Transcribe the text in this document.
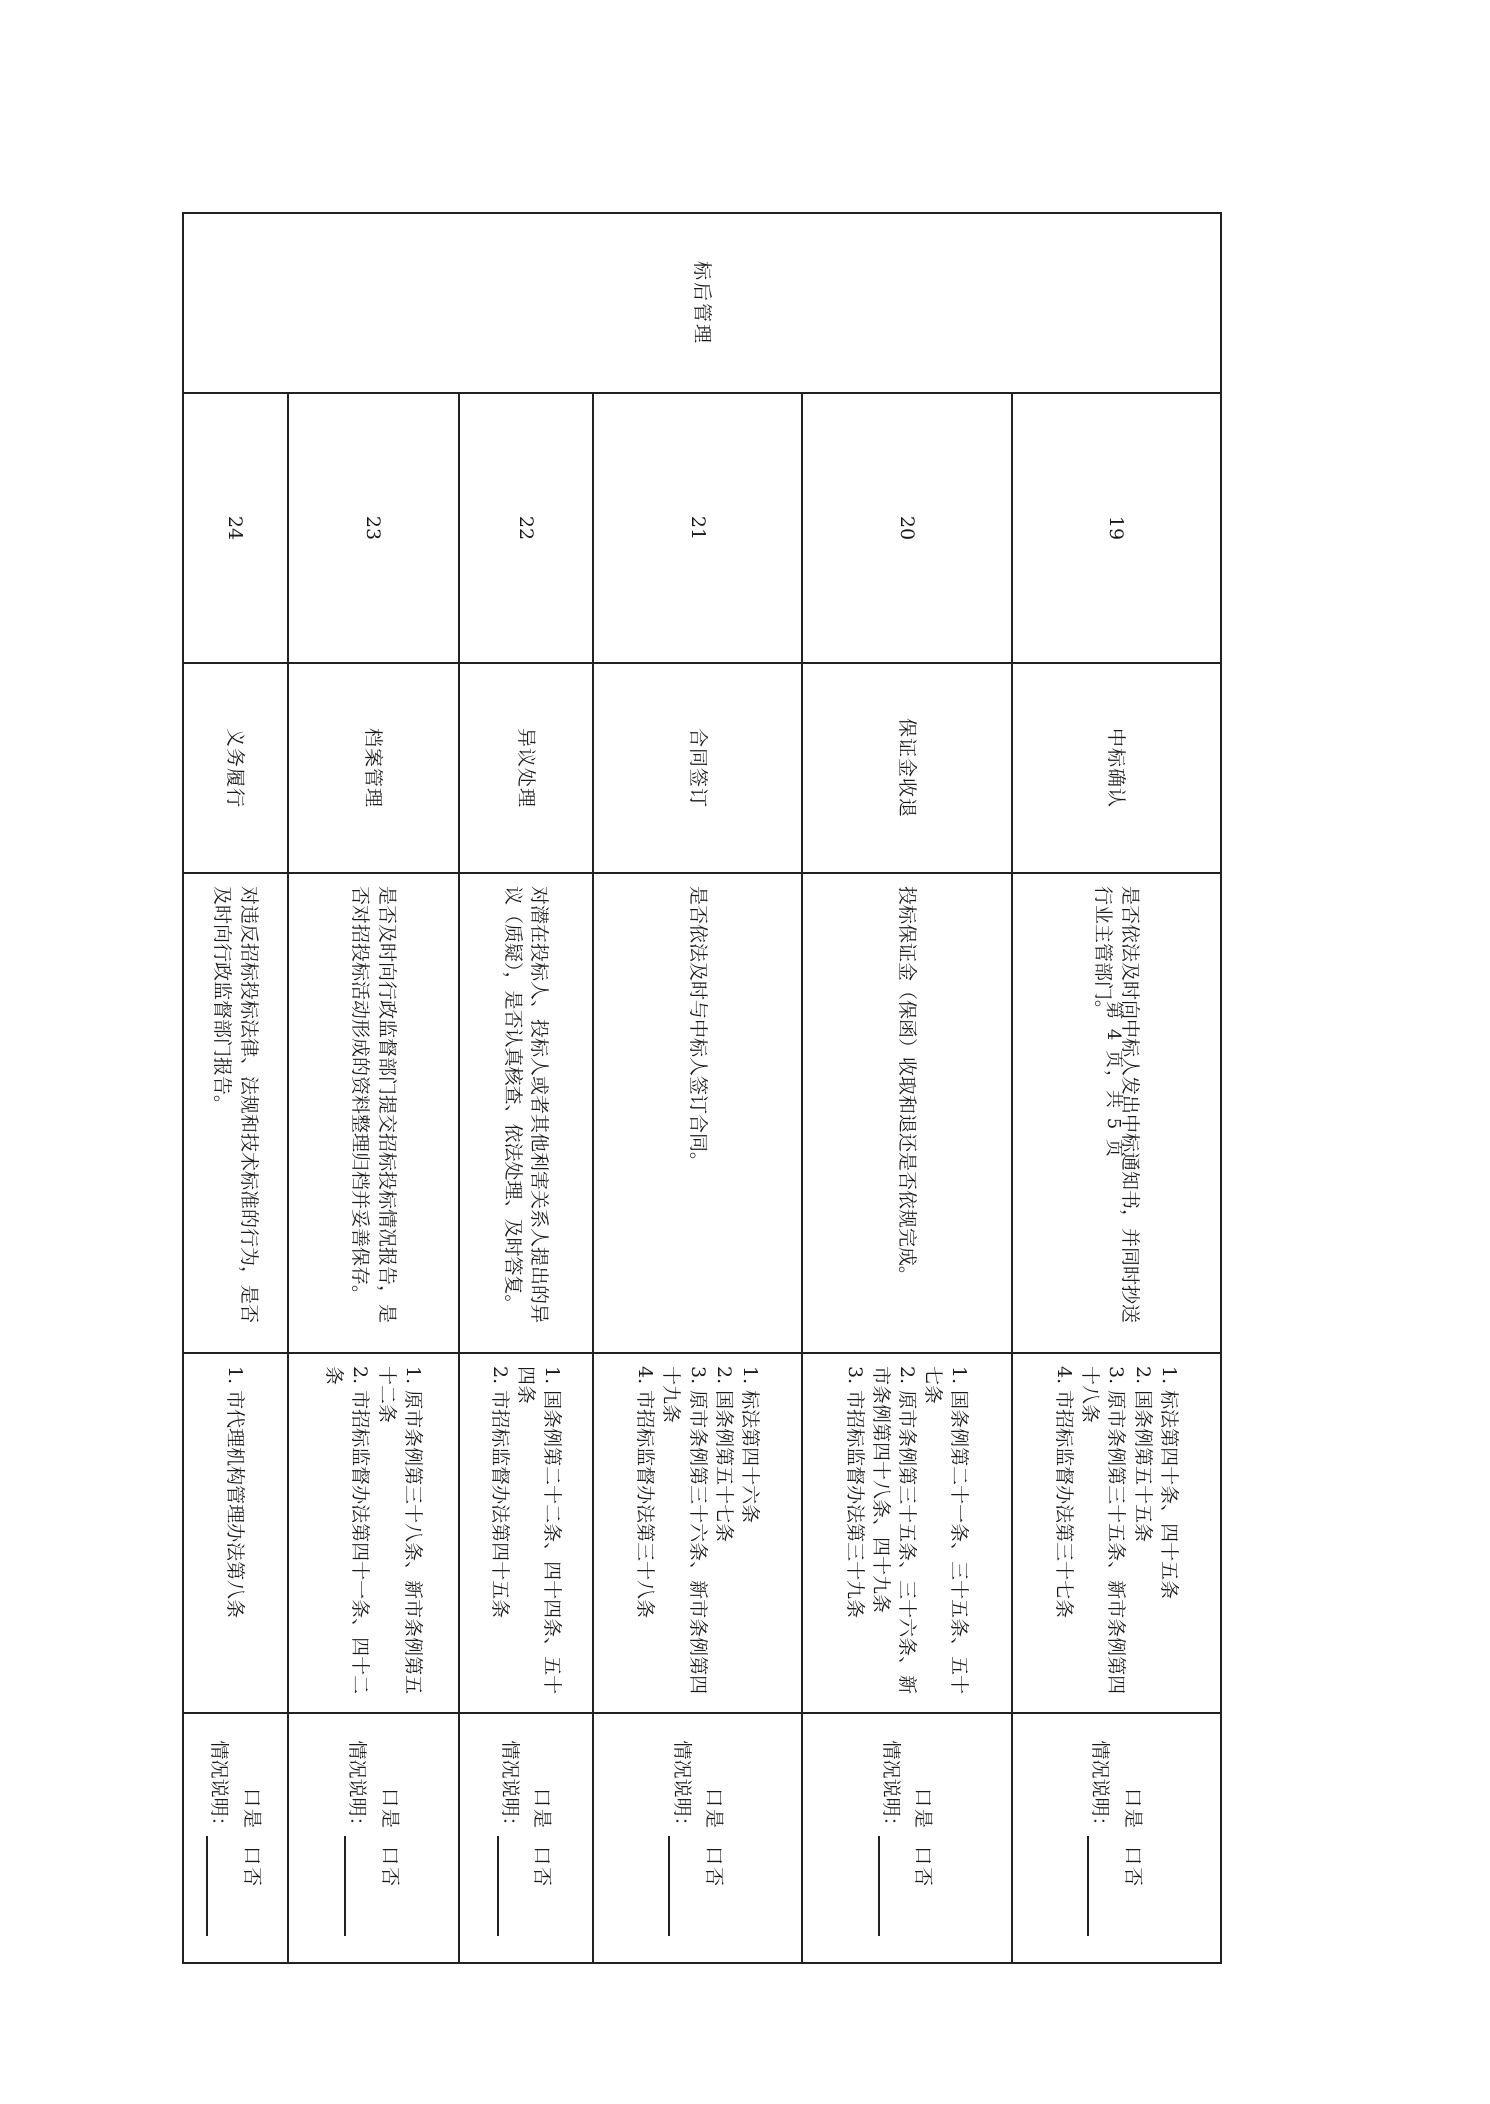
标后管理	19	中标确认	是否依法及时向中标人发出中标通知书，并同时抄送行业主管部门。	1. 标法第四十条、四十五条
2. 国条例第五十五条
3. 原市条例第三十五条、新市条例第四十八条
4. 市招标监督办法第三十七条	口是口否
情况说明：

	20	保证金收退	投标保证金（保函）收取和退还是否依规完成。	1. 国条例第二十一条、三十五条、五十七条
2. 原市条例第三十五条、三十六条、新市条例第四十八条、四十九条
3. 市招标监督办法第三十九条	口是口否
情况说明：

	21	合同签订	是否依法及时与中标人签订合同。	1. 标法第四十六条
2. 国条例第五十七条
3. 原市条例第三十六条、新市条例第四十九条
4. 市招标监督办法第三十八条	口是口否
情况说明：

	22	异议处理	对潜在投标人、投标人或者其他利害关系人提出的异议（质疑），是否认真核查、依法处理、及时答复。	1. 国条例第二十二条、四十四条、五十四条
2. 市招标监督办法第四十五条	口是口否
情况说明：

	23	档案管理	是否及时向行政监督部门提交招标投标情况报告，是否对招投标活动形成的资料整理归档并妥善保存。	1. 原市条例第三十八条、新市条例第五十二条
2. 市招标监督办法第四十一条、四十二条	口是口否
情况说明：

	24	义务履行	对违反招标投标法律、法规和技术标准的行为，是否及时向行政监督部门报告。	1. 市代理机构管理办法第八条	口是口否
情况说明：
第 4 页，共 5 页
